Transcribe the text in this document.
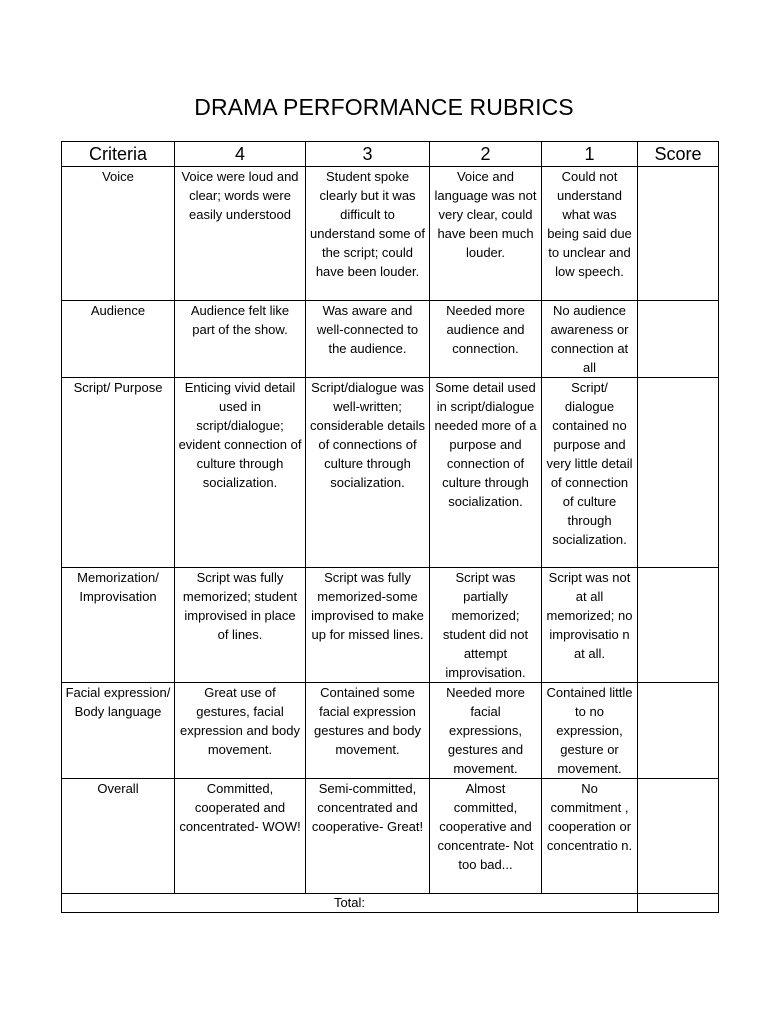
DRAMA PERFORMANCE RUBRICS
Criteria	4	3	2	1	Score
Voice	Voice were loud and clear; words were easily understood	Student spoke clearly but it was difficult to understand some of the script; could have been louder.	Voice and language was not very clear, could have been much louder.	Could not understand what was being said due to unclear and low speech.	
Audience	Audience felt like part of the show.	Was aware and well-connected to the audience.	Needed more audience and connection.	No audience awareness or connection at all	
Script/ Purpose	Enticing vivid detail used in script/dialogue; evident connection of culture through socialization.	Script/dialogue was well-written; considerable details of connections of culture through socialization.	Some detail used in script/dialogue needed more of a purpose and connection of culture through socialization.	Script/ dialogue contained no purpose and very little detail of connection of culture through socialization.	
Memorization/ Improvisation	Script was fully memorized; student improvised in place of lines.	Script was fully memorized-some improvised to make up for missed lines.	Script was partially memorized; student did not attempt improvisation.	Script was not at all memorized; no improvisatio n at all.	
Facial expression/ Body language	Great use of gestures, facial expression and body movement.	Contained some facial expression gestures and body movement.	Needed more facial expressions, gestures and movement.	Contained little to no expression, gesture or movement.	
Overall	Committed, cooperated and concentrated- WOW!	Semi-committed, concentrated and cooperative- Great!	Almost committed, cooperative and concentrate- Not too bad...	No commitment , cooperation or concentratio n.	
Total:					
